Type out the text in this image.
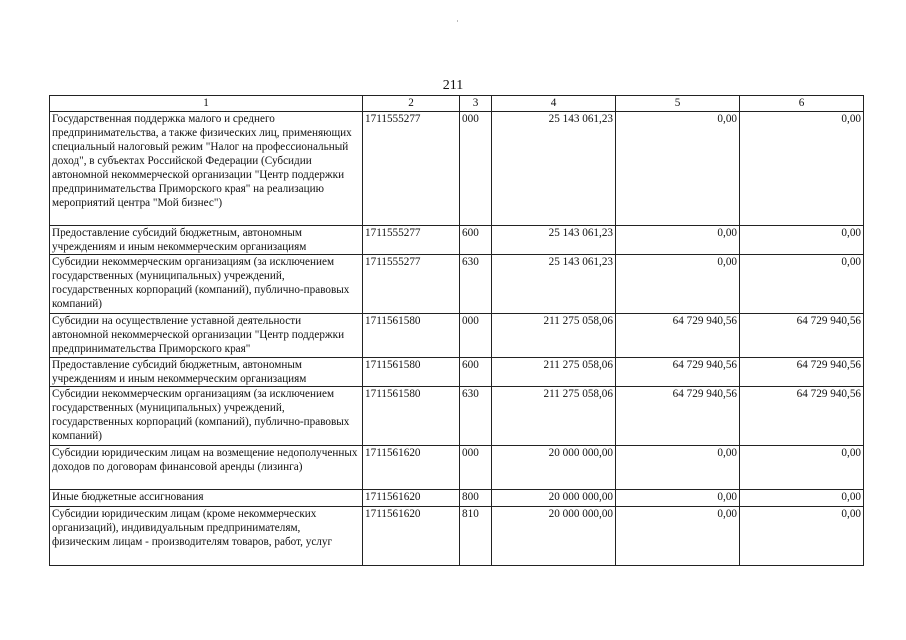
211
1	2	3	4	5	6
Государственная поддержка малого и среднего предпринимательства, а также физических лиц, применяющих специальный налоговый режим "Налог на профессиональный доход", в субъектах Российской Федерации (Субсидии автономной некоммерческой организации "Центр поддержки предпринимательства Приморского края" на реализацию мероприятий центра "Мой бизнес")	1711555277	000	25 143 061,23	0,00	0,00
Предоставление субсидий бюджетным, автономным учреждениям и иным некоммерческим организациям	1711555277	600	25 143 061,23	0,00	0,00
Субсидии некоммерческим организациям (за исключением государственных (муниципальных) учреждений, государственных корпораций (компаний), публично-правовых компаний)	1711555277	630	25 143 061,23	0,00	0,00
Субсидии на осуществление уставной деятельности автономной некоммерческой организации "Центр поддержки предпринимательства Приморского края"	1711561580	000	211 275 058,06	64 729 940,56	64 729 940,56
Предоставление субсидий бюджетным, автономным учреждениям и иным некоммерческим организациям	1711561580	600	211 275 058,06	64 729 940,56	64 729 940,56
Субсидии некоммерческим организациям (за исключением государственных (муниципальных) учреждений, государственных корпораций (компаний), публично-правовых компаний)	1711561580	630	211 275 058,06	64 729 940,56	64 729 940,56
Субсидии юридическим лицам на возмещение недополученных доходов по договорам финансовой аренды (лизинга)	1711561620	000	20 000 000,00	0,00	0,00
Иные бюджетные ассигнования	1711561620	800	20 000 000,00	0,00	0,00
Субсидии юридическим лицам (кроме некоммерческих организаций), индивидуальным предпринимателям, физическим лицам - производителям товаров, работ, услуг	1711561620	810	20 000 000,00	0,00	0,00
